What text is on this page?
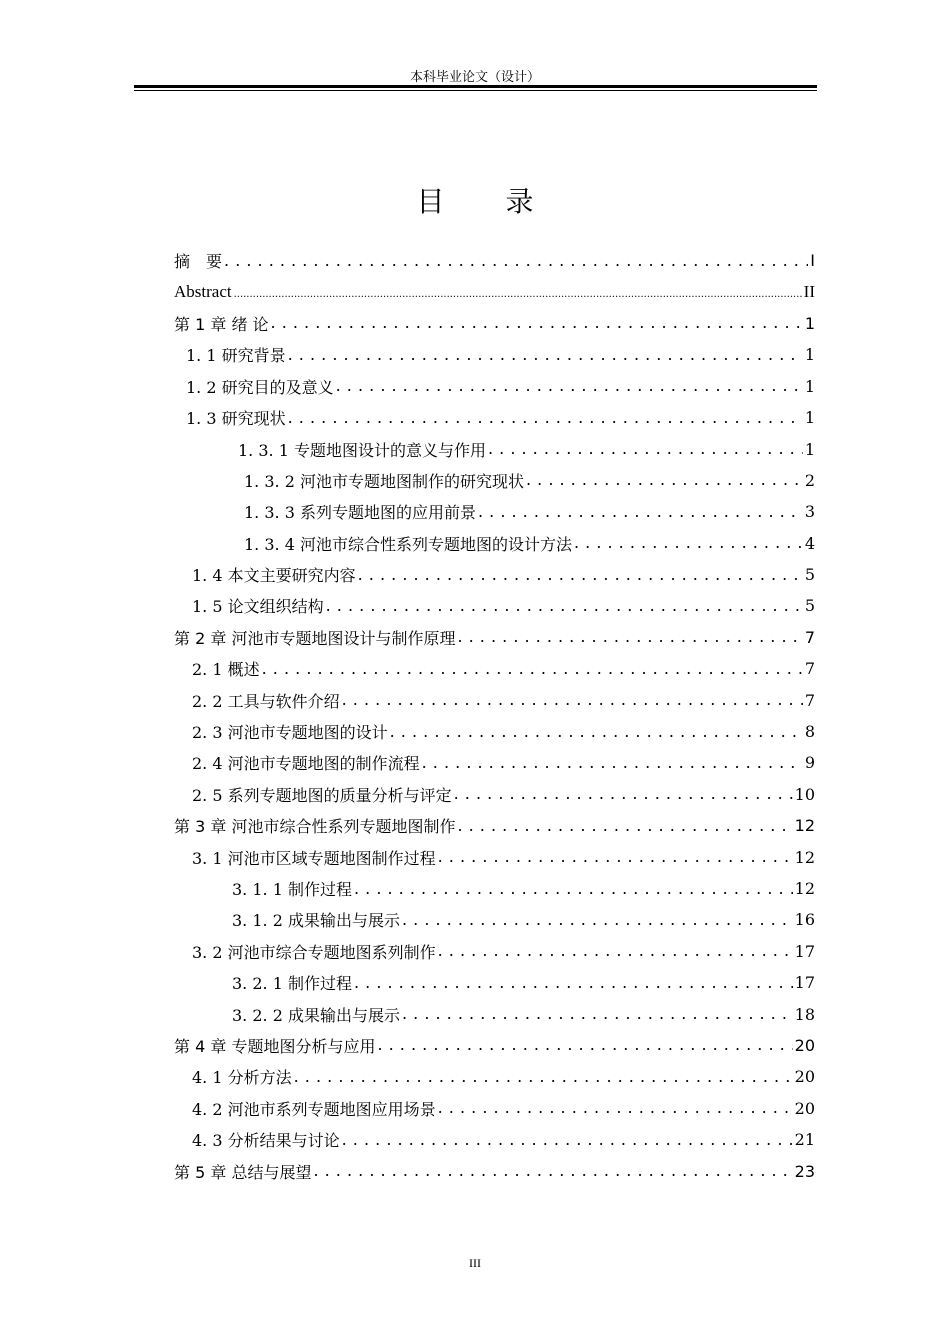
本科毕业论文（设计）
目 录
摘　要 . . .	I
Abstract .....	II
第 1 章 绪 论 . . .	1
1. 1 研究背景 . . .	1
1. 2 研究目的及意义 . . .	1
1. 3 研究现状 . . .	1
1. 3. 1 专题地图设计的意义与作用 . . .	1
1. 3. 2 河池市专题地图制作的研究现状 . . .	2
1. 3. 3 系列专题地图的应用前景 . . .	3
1. 3. 4 河池市综合性系列专题地图的设计方法 . . .	4
1. 4 本文主要研究内容 . . .	5
1. 5 论文组织结构 . . .	5
第 2 章 河池市专题地图设计与制作原理 . . .	7
2. 1 概述 . . .	7
2. 2 工具与软件介绍 . . .	7
2. 3 河池市专题地图的设计 . . .	8
2. 4 河池市专题地图的制作流程 . . .	9
2. 5 系列专题地图的质量分析与评定 . . .	10
第 3 章 河池市综合性系列专题地图制作 . . .	12
3. 1 河池市区域专题地图制作过程 . . .	12
3. 1. 1 制作过程 . . .	12
3. 1. 2 成果输出与展示 . . .	16
3. 2 河池市综合专题地图系列制作 . . .	17
3. 2. 1 制作过程 . . .	17
3. 2. 2 成果输出与展示 . . .	18
第 4 章 专题地图分析与应用 . . .	20
4. 1 分析方法 . . .	20
4. 2 河池市系列专题地图应用场景 . . .	20
4. 3 分析结果与讨论 . . .	21
第 5 章 总结与展望 . . .	23
III
